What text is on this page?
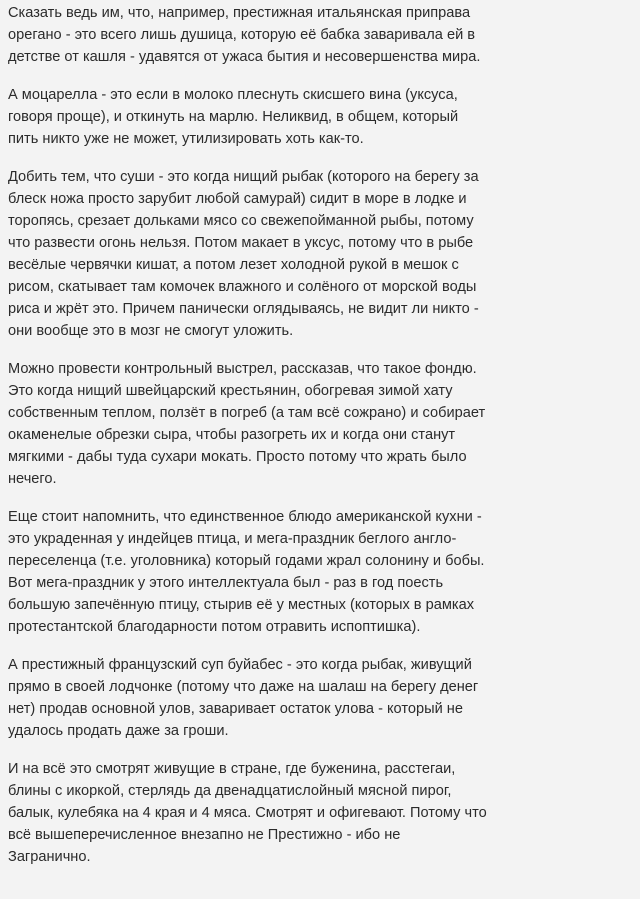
Сказать ведь им, что, например, престижная итальянская приправа
орегано - это всего лишь душица, которую её бабка заваривала ей в
детстве от кашля - удавятся от ужаса бытия и несовершенства мира.

А моцарелла - это если в молоко плеснуть скисшего вина (уксуса,
говоря проще), и откинуть на марлю. Неликвид, в общем, который
пить никто уже не может, утилизировать хоть как-то.

Добить тем, что суши - это когда нищий рыбак (которого на берегу за
блеск ножа просто зарубит любой самурай) сидит в море в лодке и
торопясь, срезает дольками мясо со свежепойманной рыбы, потому
что развести огонь нельзя. Потом макает в уксус, потому что в рыбе
весёлые червячки кишат, а потом лезет холодной рукой в мешок с
рисом, скатывает там комочек влажного и солёного от морской воды
риса и жрёт это. Причем панически оглядываясь, не видит ли никто -
они вообще это в мозг не смогут уложить.

Можно провести контрольный выстрел, рассказав, что такое фондю.
Это когда нищий швейцарский крестьянин, обогревая зимой хату
собственным теплом, ползёт в погреб (а там всё сожрано) и собирает
окаменелые обрезки сыра, чтобы разогреть их и когда они станут
мягкими - дабы туда сухари мокать. Просто потому что жрать было
нечего.

Еще стоит напомнить, что единственное блюдо американской кухни -
это украденная у индейцев птица, и мега-праздник беглого англо-
переселенца (т.е. уголовника) который годами жрал солонину и бобы.
Вот мега-праздник у этого интеллектуала был - раз в год поесть
большую запечённую птицу, стырив её у местных (которых в рамках
протестантской благодарности потом отравить испоптишка).

А престижный французский суп буйабес - это когда рыбак, живущий
прямо в своей лодчонке (потому что даже на шалаш на берегу денег
нет) продав основной улов, заваривает остаток улова - который не
удалось продать даже за гроши.

И на всё это смотрят живущие в стране, где буженина, расстегаи,
блины с икоркой, стерлядь да двенадцатислойный мясной пирог,
балык, кулебяка на 4 края и 4 мяса. Смотрят и офигевают. Потому что
всё вышеперечисленное внезапно не Престижно - ибо не
Заграничнo.
